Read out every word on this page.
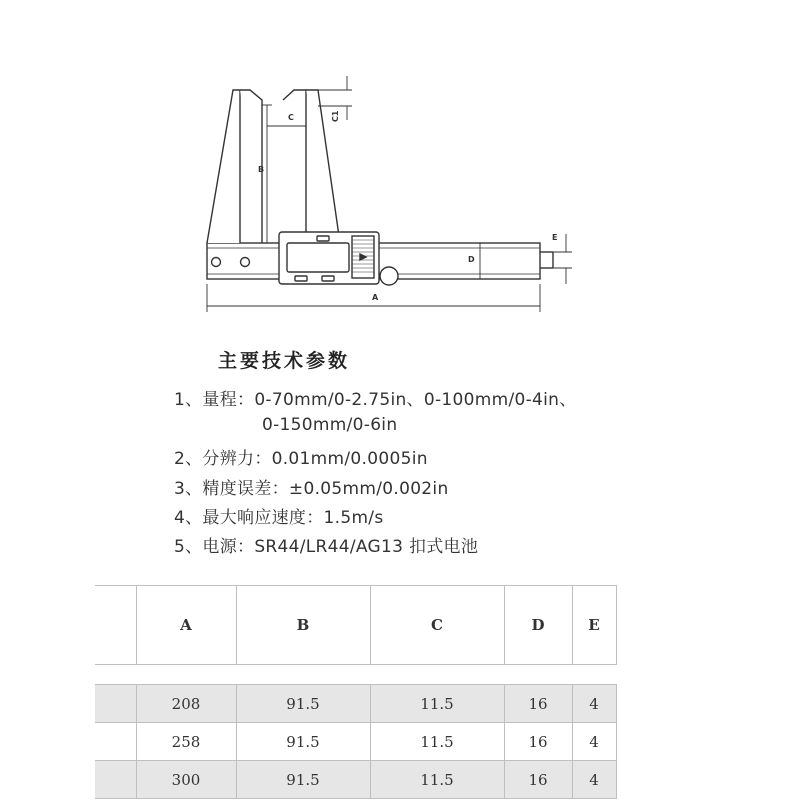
A
B
C	C1
D
E
主要技术参数
1、量程：0-70mm/0-2.75in、0-100mm/0-4in、
0-150mm/0-6in
2、分辨力：0.01mm/0.0005in
3、精度误差：±0.05mm/0.002in
4、最大响应速度：1.5m/s
5、电源：SR44/LR44/AG13 扣式电池
	A	B	C	D	E

	208	91.5	11.5	16	4
	258	91.5	11.5	16	4
	300	91.5	11.5	16	4
